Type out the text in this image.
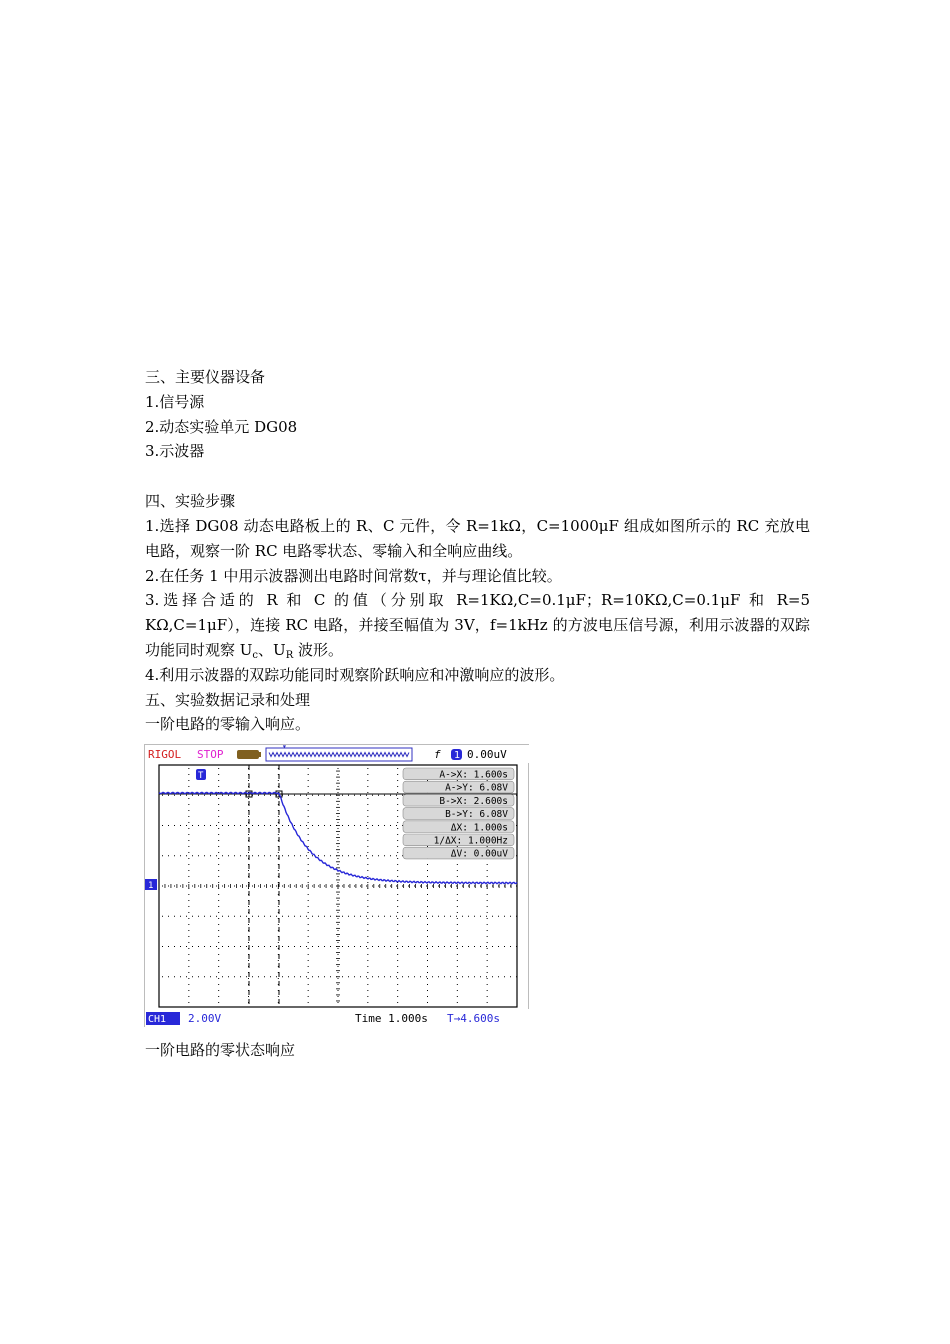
三、主要仪器设备
1.信号源
2.动态实验单元 DG08
3.示波器
四、实验步骤
1.选择 DG08 动态电路板上的 R、C 元件，令 R=1kΩ，C=1000μF 组成如图所示的 RC 充放电电路，观察一阶 RC 电路零状态、零输入和全响应曲线。
2.在任务 1 中用示波器测出电路时间常数τ，并与理论值比较。
3.选择合适的 R 和 C 的值（分别取 R=1KΩ,C=0.1μF；R=10KΩ,C=0.1μF 和 R=5 KΩ,C=1μF），连接 RC 电路，并接至幅值为 3V，f=1kHz 的方波电压信号源，利用示波器的双踪功能同时观察 $U_c$、$U_R$ 波形。
4.利用示波器的双踪功能同时观察阶跃响应和冲激响应的波形。
五、实验数据记录和处理
一阶电路的零输入响应。
RIGOL STOP
▾
f 1 0.00uV
T
1
A->X: 1.600s
A->Y: 6.08V
B->X: 2.600s
B->Y: 6.08V
ΔX: 1.000s
1/ΔX: 1.000Hz
ΔV: 0.00uV
CH1 2.00V	Time 1.000s T→4.600s
一阶电路的零状态响应
